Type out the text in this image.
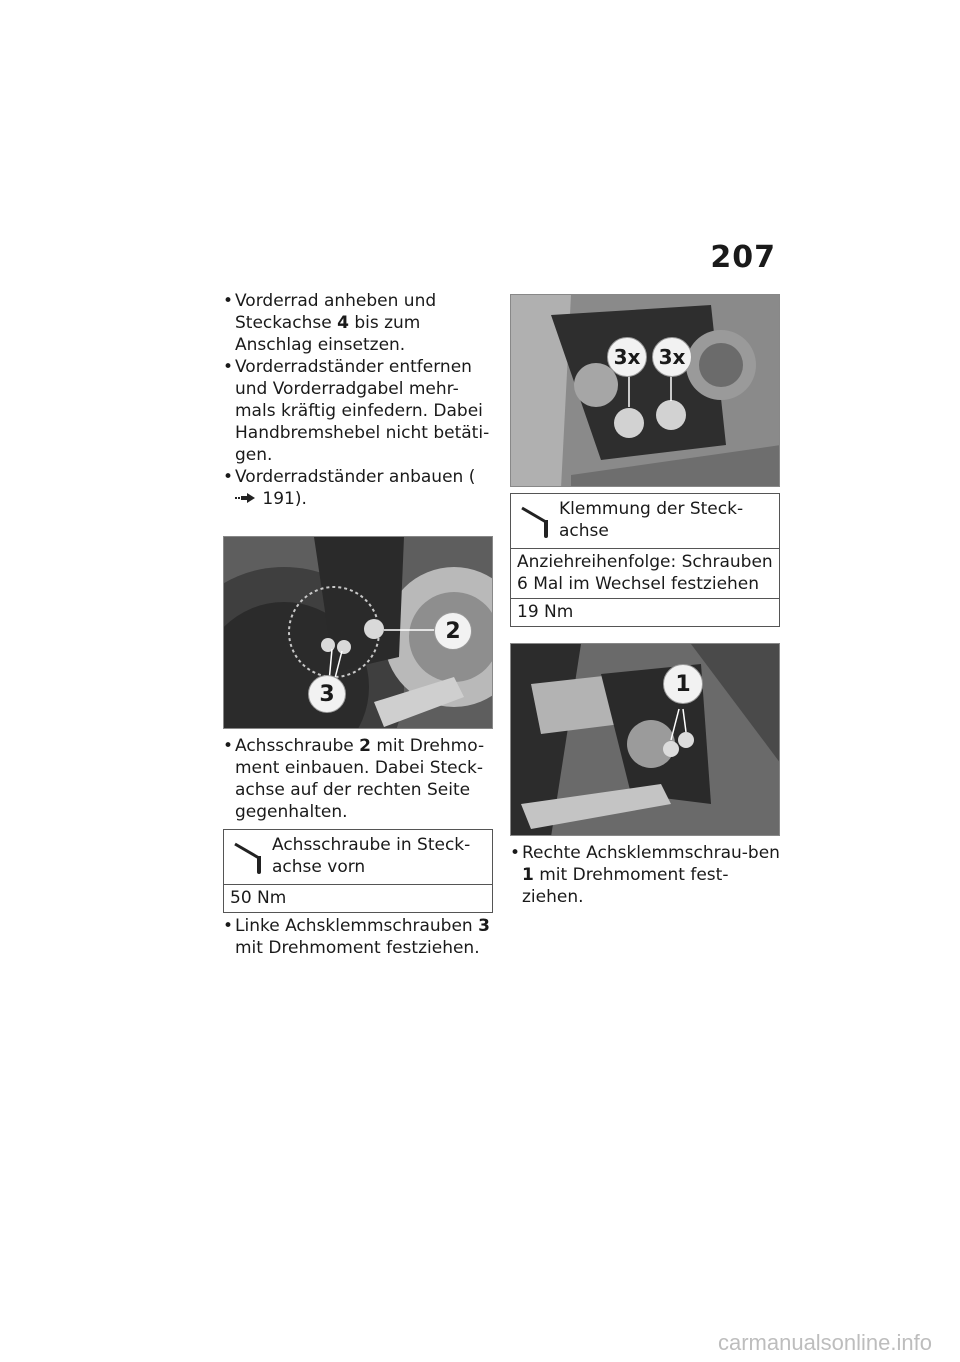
207
• Vorderrad anheben und Steckachse 4 bis zum Anschlag einsetzen.
• Vorderradständer entfernen und Vorderradgabel mehr-mals kräftig einfedern. Dabei Handbremshebel nicht betäti-gen.
• Vorderradständer anbauen ( 191).
2
3
• Achsschraube 2 mit Drehmo-ment einbauen. Dabei Steck-achse auf der rechten Seite gegenhalten.
Achsschraube in Steck-achse vorn
50 Nm
• Linke Achsklemmschrauben 3 mit Drehmoment festziehen.
3x 3x
Klemmung der Steck-achse
Anziehreihenfolge: Schrauben 6 Mal im Wechsel festziehen
19 Nm
1
• Rechte Achsklemmschrau-ben 1 mit Drehmoment fest-ziehen.
carmanualsonline.info
